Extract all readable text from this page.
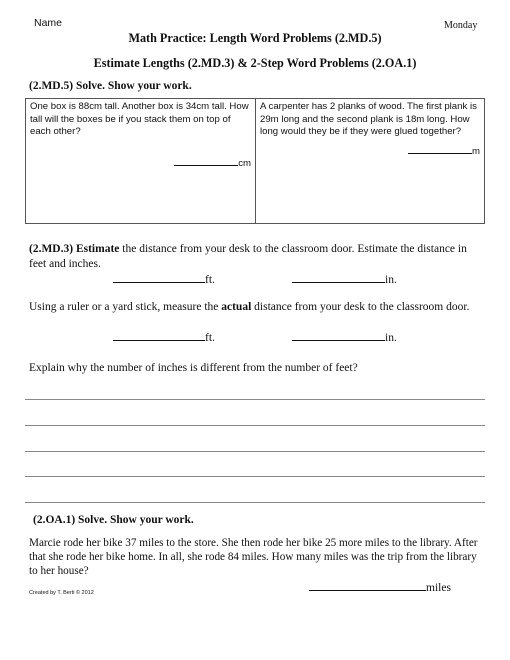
Name	Monday
Math Practice: Length Word Problems (2.MD.5)
Estimate Lengths (2.MD.3) & 2-Step Word Problems (2.OA.1)
(2.MD.5) Solve. Show your work.
One box is 88cm tall. Another box is 34cm tall. How tall will the boxes be if you stack them on top of each other?
cm

A carpenter has 2 planks of wood. The first plank is 29m long and the second plank is 18m long. How long would they be if they were glued together?
m
(2.MD.3) Estimate the distance from your desk to the classroom door. Estimate the distance in feet and inches.
ft.	in.
Using a ruler or a yard stick, measure the actual distance from your desk to the classroom door.
ft.	in.
Explain why the number of inches is different from the number of feet?
(2.OA.1) Solve. Show your work.
Marcie rode her bike 37 miles to the store. She then rode her bike 25 more miles to the library. After that she rode her bike home. In all, she rode 84 miles. How many miles was the trip from the library to her house?
miles
Created by T. Berti © 2012
